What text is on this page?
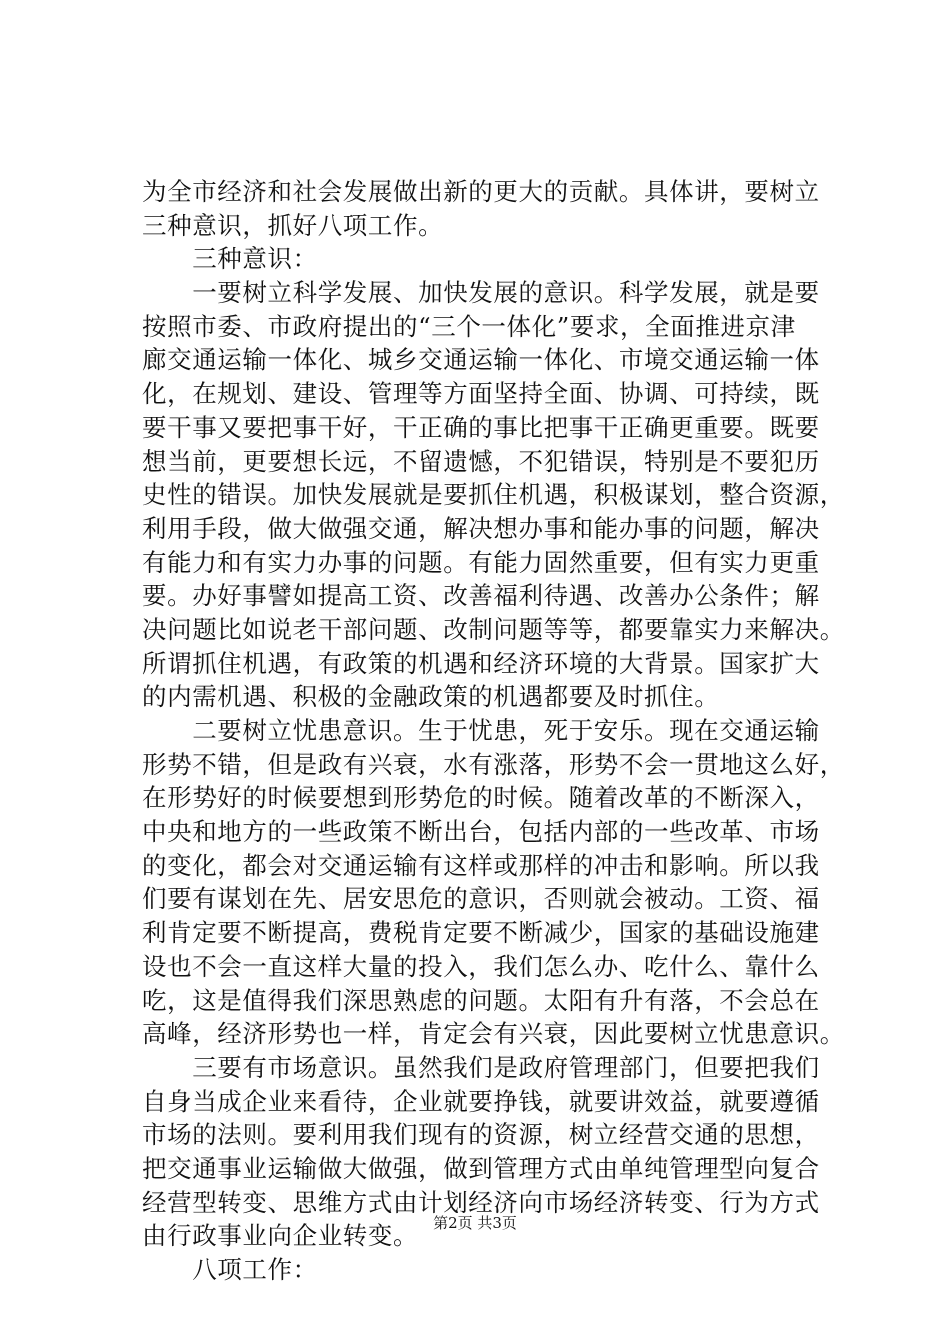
为全市经济和社会发展做出新的更大的贡献。具体讲，要树立
三种意识，抓好八项工作。
　　三种意识：
　　一要树立科学发展、加快发展的意识。科学发展，就是要
按照市委、市政府提出的“三个一体化”要求，全面推进京津
廊交通运输一体化、城乡交通运输一体化、市境交通运输一体
化，在规划、建设、管理等方面坚持全面、协调、可持续，既
要干事又要把事干好，干正确的事比把事干正确更重要。既要
想当前，更要想长远，不留遗憾，不犯错误，特别是不要犯历
史性的错误。加快发展就是要抓住机遇，积极谋划，整合资源，
利用手段，做大做强交通，解决想办事和能办事的问题，解决
有能力和有实力办事的问题。有能力固然重要，但有实力更重
要。办好事譬如提高工资、改善福利待遇、改善办公条件；解
决问题比如说老干部问题、改制问题等等，都要靠实力来解决。
所谓抓住机遇，有政策的机遇和经济环境的大背景。国家扩大
的内需机遇、积极的金融政策的机遇都要及时抓住。
　　二要树立忧患意识。生于忧患，死于安乐。现在交通运输
形势不错，但是政有兴衰，水有涨落，形势不会一贯地这么好，
在形势好的时候要想到形势危的时候。随着改革的不断深入，
中央和地方的一些政策不断出台，包括内部的一些改革、市场
的变化，都会对交通运输有这样或那样的冲击和影响。所以我
们要有谋划在先、居安思危的意识，否则就会被动。工资、福
利肯定要不断提高，费税肯定要不断减少，国家的基础设施建
设也不会一直这样大量的投入，我们怎么办、吃什么、靠什么
吃，这是值得我们深思熟虑的问题。太阳有升有落，不会总在
高峰，经济形势也一样，肯定会有兴衰，因此要树立忧患意识。
　　三要有市场意识。虽然我们是政府管理部门，但要把我们
自身当成企业来看待，企业就要挣钱，就要讲效益，就要遵循
市场的法则。要利用我们现有的资源，树立经营交通的思想，
把交通事业运输做大做强，做到管理方式由单纯管理型向复合
经营型转变、思维方式由计划经济向市场经济转变、行为方式
由行政事业向企业转变。
　　八项工作：
第2页 共3页
